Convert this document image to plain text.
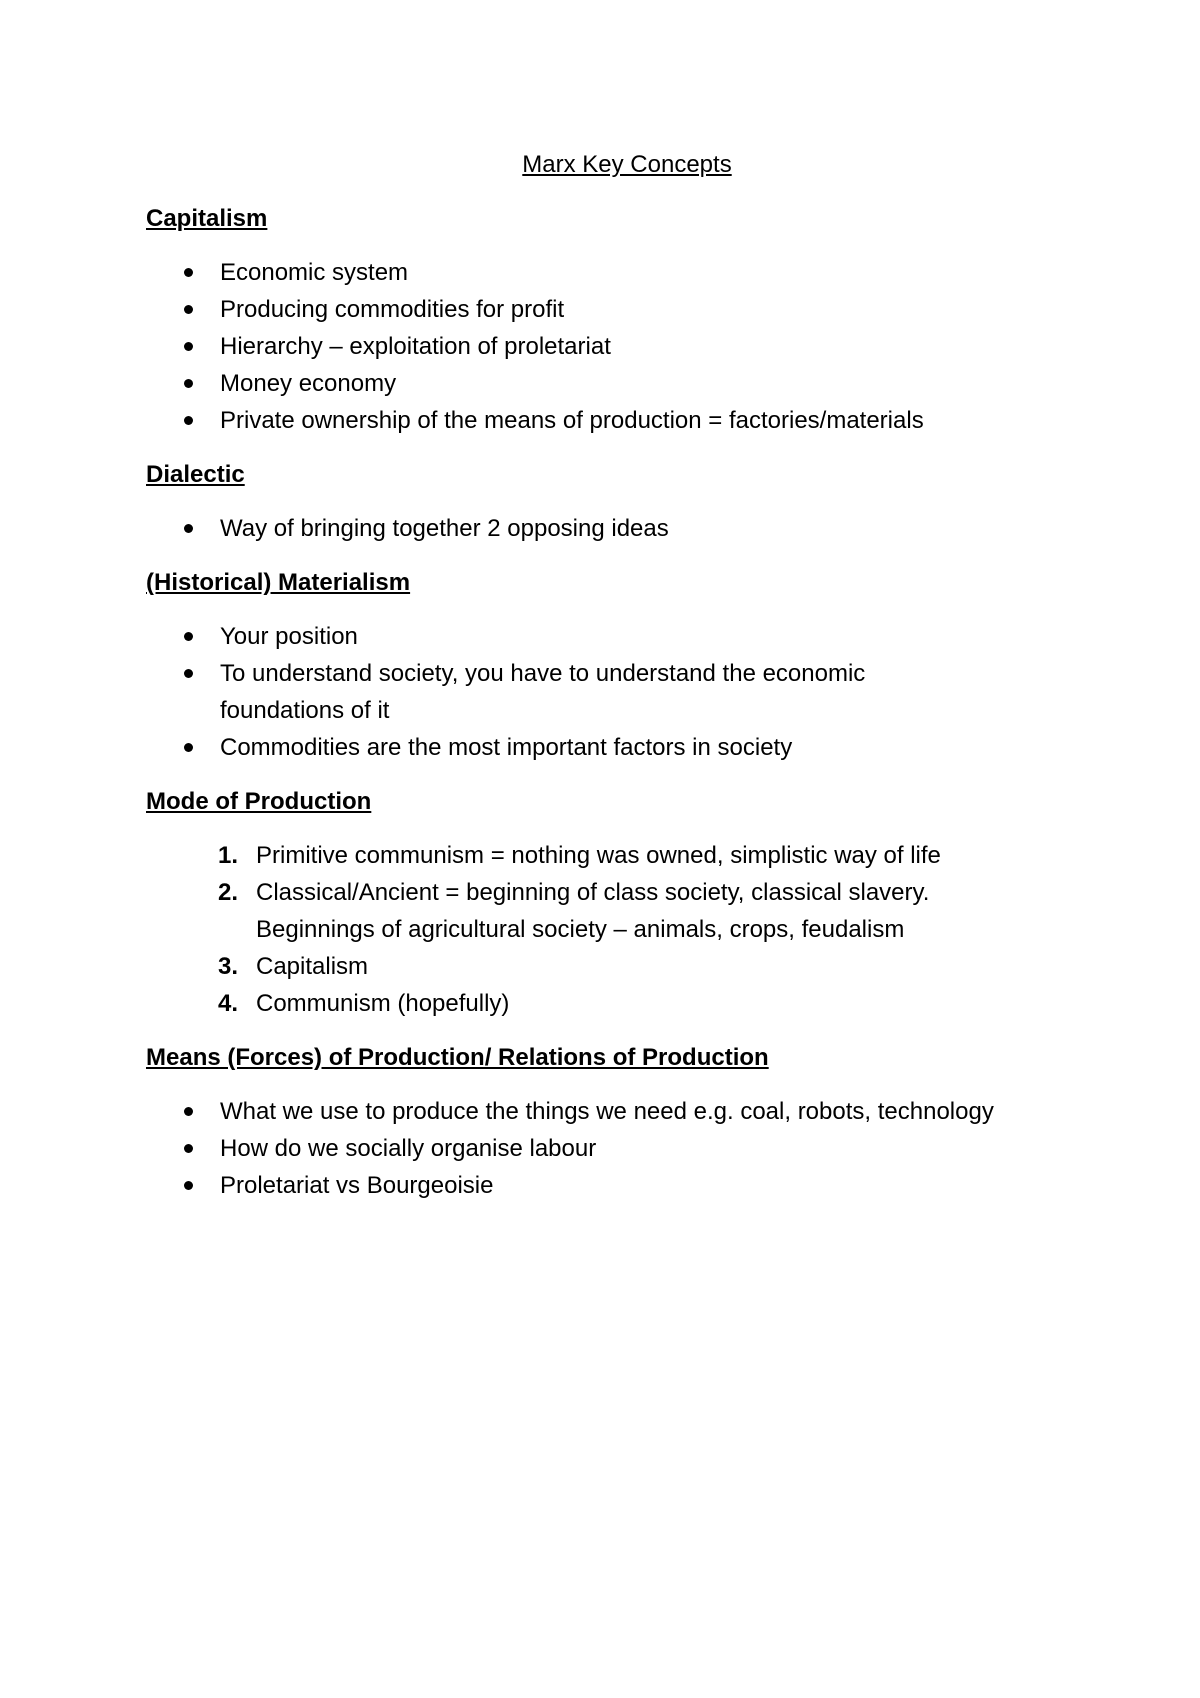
Marx Key Concepts
Capitalism
Economic system
Producing commodities for profit
Hierarchy – exploitation of proletariat
Money economy
Private ownership of the means of production = factories/materials
Dialectic
Way of bringing together 2 opposing ideas
(Historical) Materialism
Your position
To understand society, you have to understand the economic foundations of it
Commodities are the most important factors in society
Mode of Production
1. Primitive communism = nothing was owned, simplistic way of life
2. Classical/Ancient = beginning of class society, classical slavery. Beginnings of agricultural society – animals, crops, feudalism
3. Capitalism
4. Communism (hopefully)
Means (Forces) of Production/ Relations of Production
What we use to produce the things we need e.g. coal, robots, technology
How do we socially organise labour
Proletariat vs Bourgeoisie
